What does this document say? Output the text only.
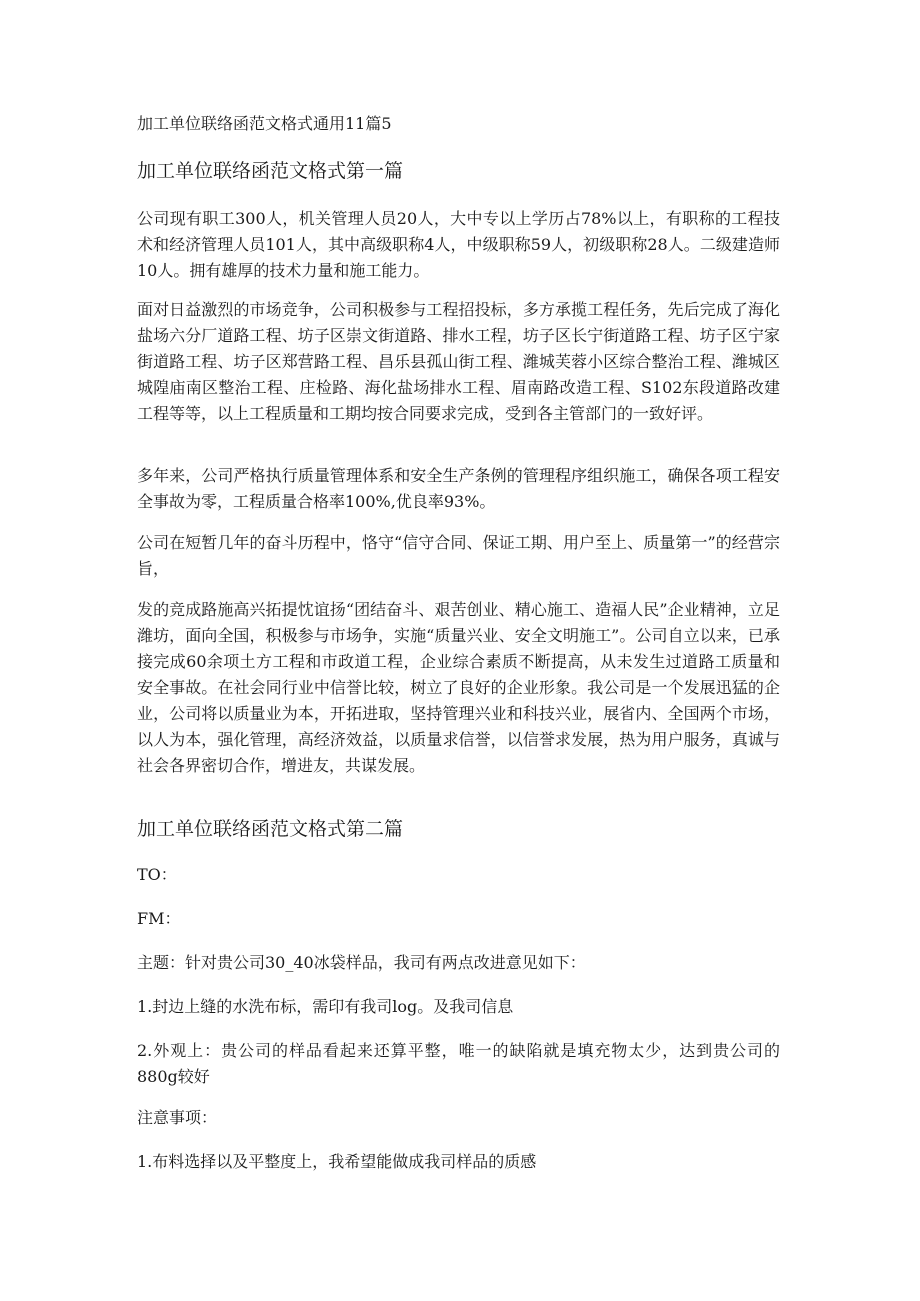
加工单位联络函范文格式通用11篇5
加工单位联络函范文格式第一篇

公司现有职工300人，机关管理人员20人，大中专以上学历占78%以上，有职称的工程技术和经济管理人员101人，其中高级职称4人，中级职称59人，初级职称28人。二级建造师10人。拥有雄厚的技术力量和施工能力。

面对日益激烈的市场竞争，公司积极参与工程招投标，多方承揽工程任务，先后完成了海化盐场六分厂道路工程、坊子区崇文街道路、排水工程，坊子区长宁街道路工程、坊子区宁家街道路工程、坊子区郑营路工程、昌乐县孤山街工程、潍城芙蓉小区综合整治工程、潍城区城隍庙南区整治工程、庄检路、海化盐场排水工程、眉南路改造工程、S102东段道路改建工程等等，以上工程质量和工期均按合同要求完成，受到各主管部门的一致好评。

多年来，公司严格执行质量管理体系和安全生产条例的管理程序组织施工，确保各项工程安全事故为零，工程质量合格率100%,优良率93%。

公司在短暂几年的奋斗历程中，恪守“信守合同、保证工期、用户至上、质量第一”的经营宗旨，

发的竞成路施高兴拓提忱谊扬“团结奋斗、艰苦创业、精心施工、造福人民”企业精神，立足潍坊，面向全国，积极参与市场争，实施“质量兴业、安全文明施工”。公司自立以来，已承接完成60余项土方工程和市政道工程，企业综合素质不断提高，从未发生过道路工质量和安全事故。在社会同行业中信誉比较，树立了良好的企业形象。我公司是一个发展迅猛的企业，公司将以质量业为本，开拓进取，坚持管理兴业和科技兴业，展省内、全国两个市场，以人为本，强化管理，高经济效益，以质量求信誉，以信誉求发展，热为用户服务，真诚与社会各界密切合作，增进友，共谋发展。

加工单位联络函范文格式第二篇
TO：
FM：
主题：针对贵公司30_40冰袋样品，我司有两点改进意见如下：
1.封边上缝的水洗布标，需印有我司log。及我司信息

2.外观上：贵公司的样品看起来还算平整，唯一的缺陷就是填充物太少，达到贵公司的880g较好

注意事项：
1.布料选择以及平整度上，我希望能做成我司样品的质感
